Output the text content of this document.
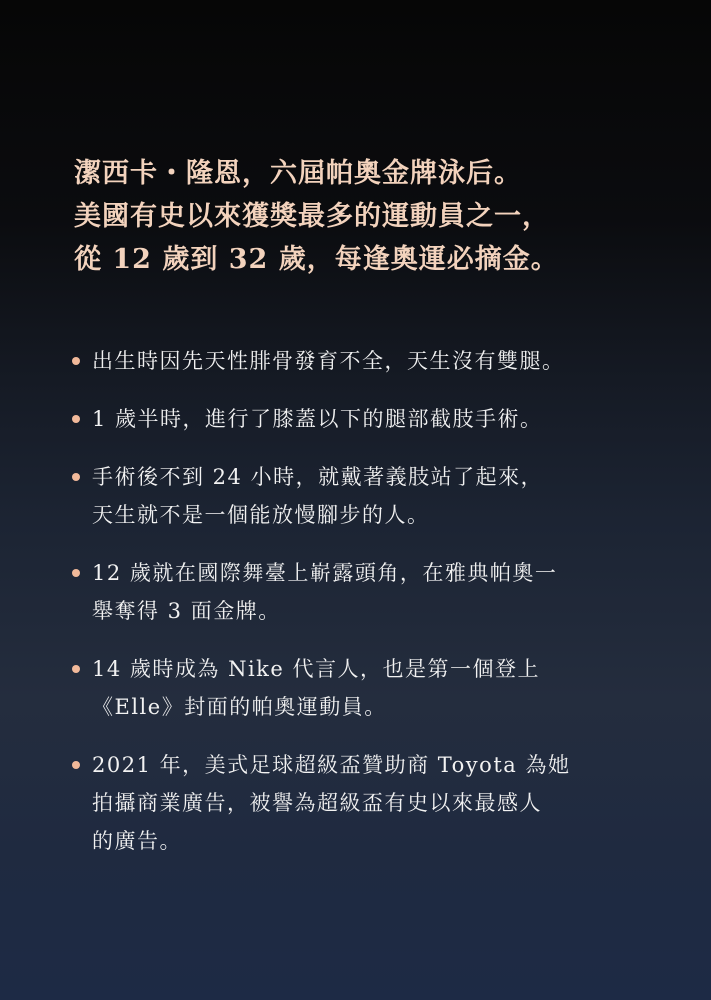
潔西卡・隆恩，六屆帕奧金牌泳后。
美國有史以來獲獎最多的運動員之一，
從 12 歲到 32 歲，每逢奧運必摘金。
出生時因先天性腓骨發育不全，天生沒有雙腿。
1 歲半時，進行了膝蓋以下的腿部截肢手術。
手術後不到 24 小時，就戴著義肢站了起來，
天生就不是一個能放慢腳步的人。
12 歲就在國際舞臺上嶄露頭角，在雅典帕奧一
舉奪得 3 面金牌。
14 歲時成為 Nike 代言人，也是第一個登上
《Elle》封面的帕奧運動員。
2021 年，美式足球超級盃贊助商 Toyota 為她
拍攝商業廣告，被譽為超級盃有史以來最感人
的廣告。
